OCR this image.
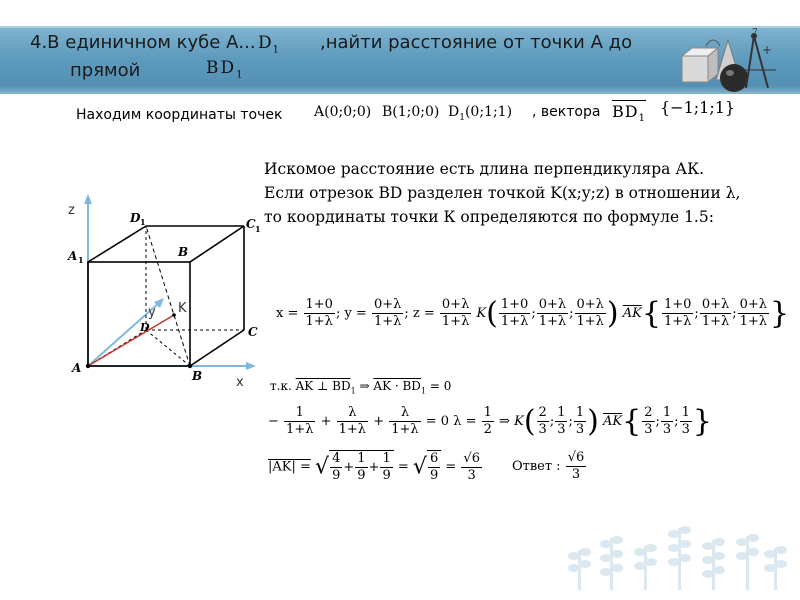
4.В единичном кубе А... $D_1$ ,найти расстояние от точки А до
прямой	$BD_1$
7
+
Находим координаты точек A(0;0;0) B(1;0;0) $D_1(0;1;1)$ , вектора $BD_1$
{−1;1;1}
Искомое расстояние есть длина перпендикуляра АК.
Если отрезок BD разделен точкой K(x;y;z) в отношении λ,
то координаты точки К определяются по формуле 1.5:
z
x
y K
A
B
C
D
A 1
B
C 1
D 1
$x = \frac{1+0}{1+\lambda}$ ; $y = \frac{0+\lambda}{1+\lambda}$ ; $z = \frac{0+\lambda}{1+\lambda} K( \frac{1+0}{1+\lambda}$ ; $\frac{0+\lambda}{1+\lambda}$ ; $\frac{0+\lambda}{1+\lambda}$ ) $\overline{AK}\{ \frac{1+0}{1+\lambda}$ ; $\frac{0+\lambda}{1+\lambda}$ ; $\frac{0+\lambda}{1+\lambda}$ }
т.к. AK ⊥ $BD_1$ ⇒ AK · $BD_1 = 0$
− $\frac{1}{1+\lambda} + \frac{\lambda}{1+\lambda} + \frac{\lambda}{1+\lambda} = 0$ $\lambda = \frac{1}{2}$ ⇒ $K( \frac{2}{3}$ ; $\frac{1}{3}$ ; $\frac{1}{3}$ ) $\overline{AK}\{ \frac{2}{3}$ ; $\frac{1}{3}$ ; $\frac{1}{3}$ }
|AK| = √ $\frac{4}{9} + \frac{1}{9} + \frac{1}{9}$ = √ $\frac{6}{9} = \frac{√6}{3}$ Ответ : $\frac{√6}{3}$
